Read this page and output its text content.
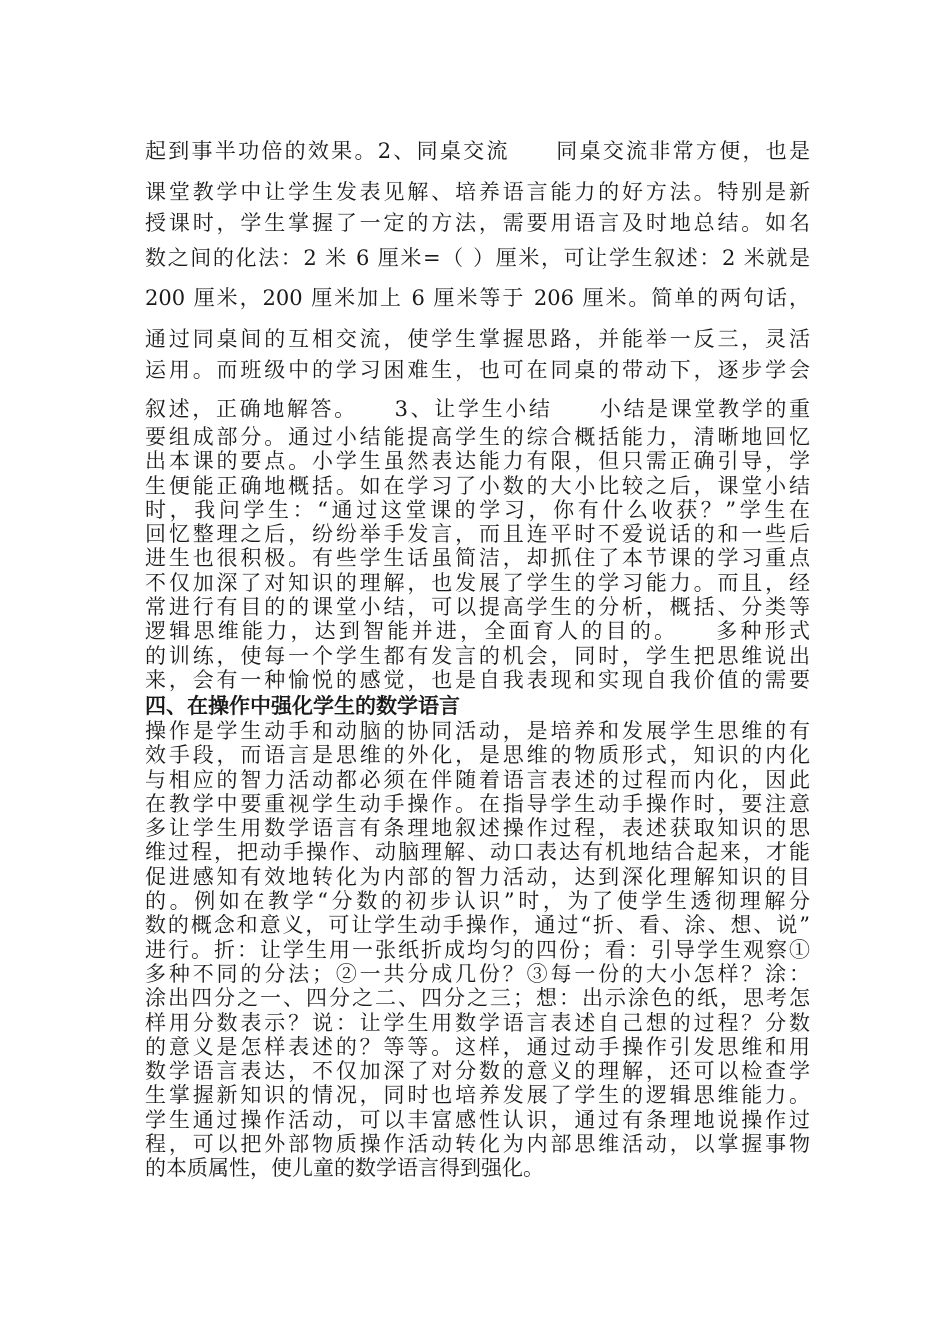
起到事半功倍的效果。2、同桌交流　　同桌交流非常方便，也是
课堂教学中让学生发表见解、培养语言能力的好方法。特别是新
授课时，学生掌握了一定的方法，需要用语言及时地总结。如名
数之间的化法：2 米 6 厘米=（ ）厘米，可让学生叙述：2 米就是
200 厘米，200 厘米加上 6 厘米等于 206 厘米。简单的两句话，
通过同桌间的互相交流，使学生掌握思路，并能举一反三，灵活
运用。而班级中的学习困难生，也可在同桌的带动下，逐步学会
叙述，正确地解答。　　3、让学生小结　　小结是课堂教学的重
要组成部分。通过小结能提高学生的综合概括能力，清晰地回忆
出本课的要点。小学生虽然表达能力有限，但只需正确引导，学
生便能正确地概括。如在学习了小数的大小比较之后，课堂小结
时，我问学生：“通过这堂课的学习，你有什么收获？”学生在
回忆整理之后，纷纷举手发言，而且连平时不爱说话的和一些后
进生也很积极。有些学生话虽简洁，却抓住了本节课的学习重点
不仅加深了对知识的理解，也发展了学生的学习能力。而且，经
常进行有目的的课堂小结，可以提高学生的分析，概括、分类等
逻辑思维能力，达到智能并进，全面育人的目的。　　多种形式
的训练，使每一个学生都有发言的机会，同时，学生把思维说出
来，会有一种愉悦的感觉，也是自我表现和实现自我价值的需要
四、在操作中强化学生的数学语言
操作是学生动手和动脑的协同活动，是培养和发展学生思维的有
效手段，而语言是思维的外化，是思维的物质形式，知识的内化
与相应的智力活动都必须在伴随着语言表述的过程而内化，因此
在教学中要重视学生动手操作。在指导学生动手操作时，要注意
多让学生用数学语言有条理地叙述操作过程，表述获取知识的思
维过程，把动手操作、动脑理解、动口表达有机地结合起来，才能
促进感知有效地转化为内部的智力活动，达到深化理解知识的目
的。例如在教学“分数的初步认识”时，为了使学生透彻理解分
数的概念和意义，可让学生动手操作，通过“折、看、涂、想、说”
进行。折：让学生用一张纸折成均匀的四份；看：引导学生观察①
多种不同的分法；②一共分成几份？③每一份的大小怎样？涂：
涂出四分之一、四分之二、四分之三；想：出示涂色的纸，思考怎
样用分数表示？说：让学生用数学语言表述自己想的过程？分数
的意义是怎样表述的？等等。这样，通过动手操作引发思维和用
数学语言表达，不仅加深了对分数的意义的理解，还可以检查学
生掌握新知识的情况，同时也培养发展了学生的逻辑思维能力。
学生通过操作活动，可以丰富感性认识，通过有条理地说操作过
程，可以把外部物质操作活动转化为内部思维活动，以掌握事物
的本质属性，使儿童的数学语言得到强化。
